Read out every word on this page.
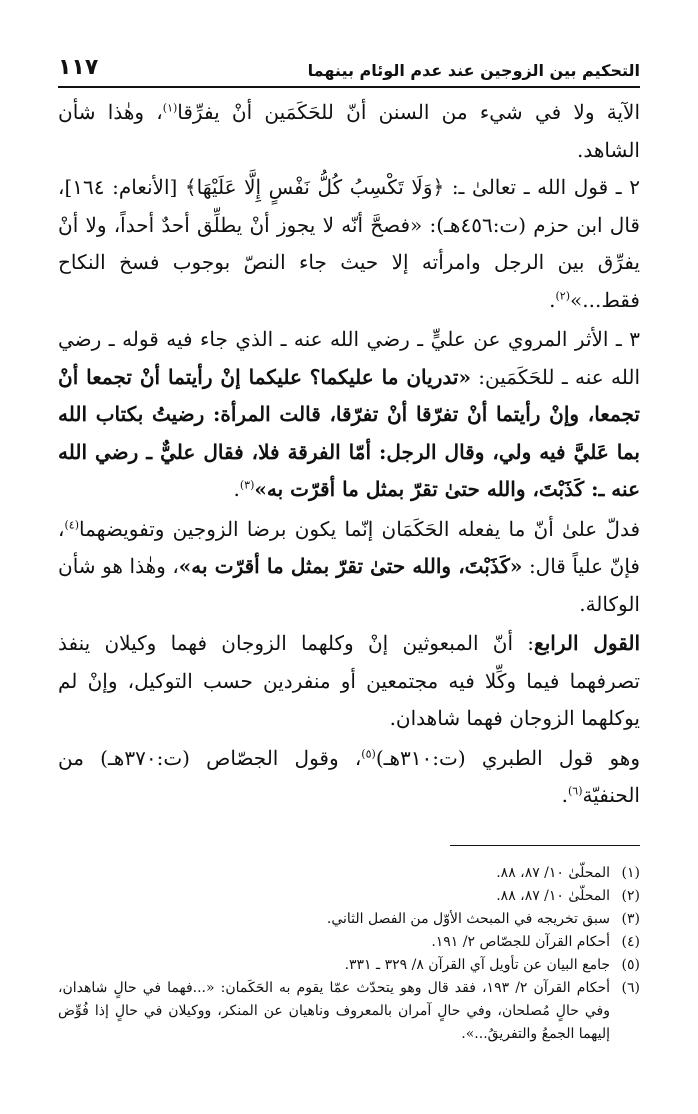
التحكيم بين الزوجين عند عدم الوئام بينهما
١١٧

الآية ولا في شيء من السنن أنّ للحَكَمَين أنْ يفرِّقا$^{(١)}$، وهٰذا شأن الشاهد.

٢ ـ قول الله ـ تعالىٰ ـ: ﴿وَلَا تَكْسِبُ كُلُّ نَفْسٍ إِلَّا عَلَيْهَا﴾ [الأنعام: ١٦٤]، قال ابن حزم (ت:٤٥٦هـ): «فصحَّ أنّه لا يجوز أنْ يطلِّق أحدٌ أحداً، ولا أنْ يفرِّق بين الرجل وامرأته إلا حيث جاء النصّ بوجوب فسخ النكاح فقط...»$^{(٢)}$.

٣ ـ الأثر المروي عن عليٍّ ـ رضي الله عنه ـ الذي جاء فيه قوله ـ رضي الله عنه ـ للحَكَمَين: «تدريان ما عليكما؟ عليكما إنْ رأيتما أنْ تجمعا أنْ تجمعا، وإنْ رأيتما أنْ تفرّقا أنْ تفرّقا، قالت المرأة: رضيتُ بكتاب الله بما عَليَّ فيه ولي، وقال الرجل: أمّا الفرقة فلا، فقال عليٌّ ـ رضي الله عنه ـ: كَذَبْتَ، والله حتىٰ تقرّ بمثل ما أقرّت به»$^{(٣)}$.

فدلّ علىٰ أنّ ما يفعله الحَكَمَان إنّما يكون برضا الزوجين وتفويضهما$^{(٤)}$، فإنّ علياً قال: «كَذَبْتَ، والله حتىٰ تقرّ بمثل ما أقرّت به»، وهٰذا هو شأن الوكالة.

القول الرابع: أنّ المبعوثين إنْ وكلهما الزوجان فهما وكيلان ينفذ تصرفهما فيما وكِّلا فيه مجتمعين أو منفردين حسب التوكيل، وإنْ لم يوكلهما الزوجان فهما شاهدان.

وهو قول الطبري (ت:٣١٠هـ)$^{(٥)}$، وقول الجصّاص (ت:٣٧٠هـ) من الحنفيّة$^{(٦)}$.

(١)
المحلّىٰ ١٠/ ٨٧، ٨٨.
(٢)
المحلّىٰ ١٠/ ٨٧، ٨٨.
(٣)
سبق تخريجه في المبحث الأوّل من الفصل الثاني.
(٤)
أحكام القرآن للجصّاص ٢/ ١٩١.
(٥)
جامع البيان عن تأويل آي القرآن ٨/ ٣٢٩ ـ ٣٣١.
(٦)
أحكام القرآن ٢/ ١٩٣، فقد قال وهو يتحدّث عمّا يقوم به الحَكَمان: «...فهما في حالٍ شاهدان، وفي حالٍ مُصلحان، وفي حالٍ آمران بالمعروف وناهيان عن المنكر، ووكيلان في حالٍ إذا فُوِّض إليهما الجمعُ والتفريقُ...».
